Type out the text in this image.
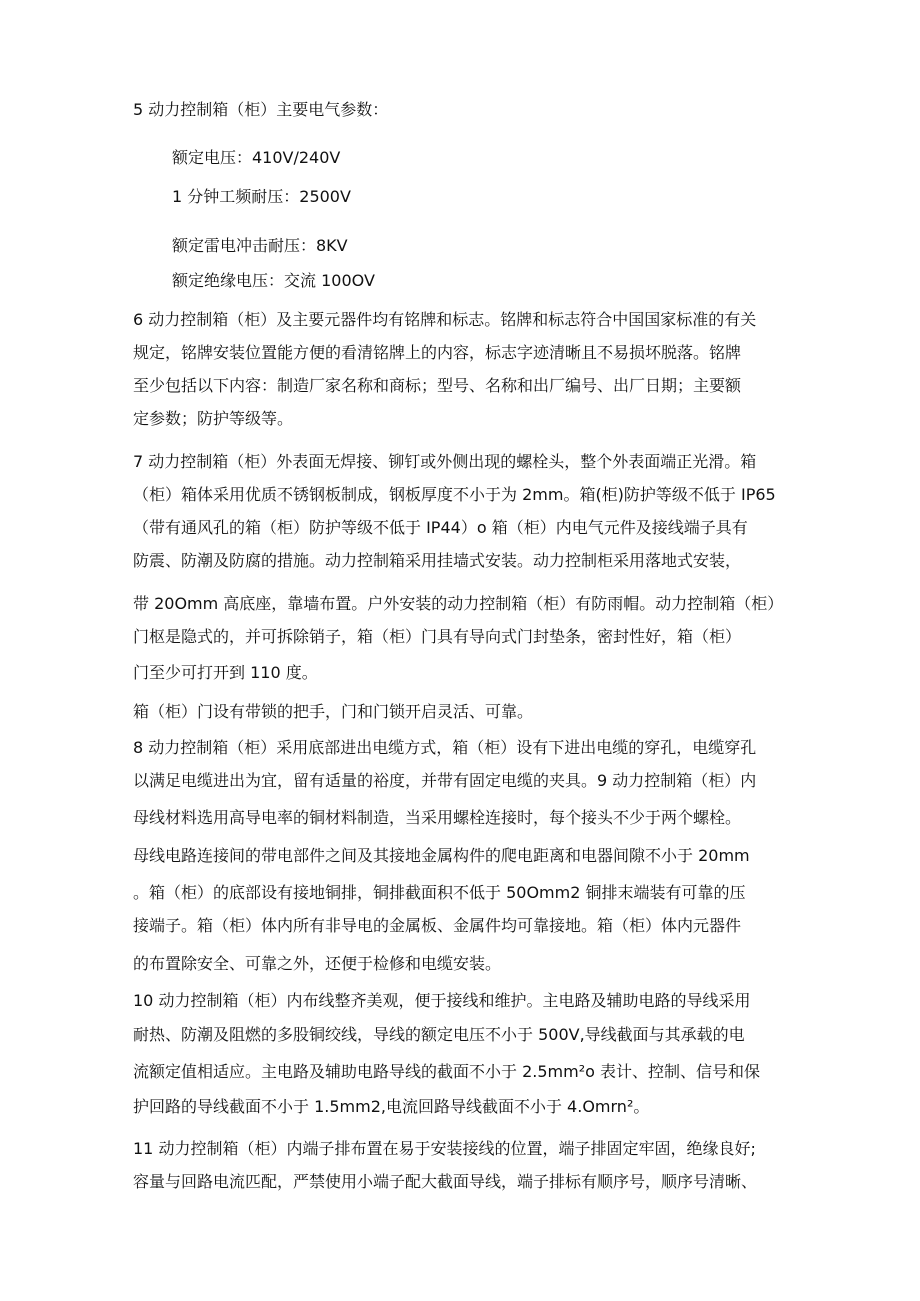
5 动力控制箱（柜）主要电气参数：
额定电压：410V/240V
1 分钟工频耐压：2500V
额定雷电冲击耐压：8KV
额定绝缘电压：交流 100OV
6 动力控制箱（柜）及主要元器件均有铭牌和标志。铭牌和标志符合中国国家标准的有关
规定，铭牌安装位置能方便的看清铭牌上的内容，标志字迹清晰且不易损坏脱落。铭牌
至少包括以下内容：制造厂家名称和商标；型号、名称和出厂编号、出厂日期；主要额
定参数；防护等级等。
7 动力控制箱（柜）外表面无焊接、铆钉或外侧出现的螺栓头，整个外表面端正光滑。箱
（柜）箱体采用优质不锈钢板制成，钢板厚度不小于为 2mm。箱(柜)防护等级不低于 IP65
（带有通风孔的箱（柜）防护等级不低于 IP44）o 箱（柜）内电气元件及接线端子具有
防震、防潮及防腐的措施。动力控制箱采用挂墙式安装。动力控制柜采用落地式安装，
带 20Omm 高底座，靠墙布置。户外安装的动力控制箱（柜）有防雨帽。动力控制箱（柜）
门枢是隐式的，并可拆除销子，箱（柜）门具有导向式门封垫条，密封性好，箱（柜）
门至少可打开到 110 度。
箱（柜）门设有带锁的把手，门和门锁开启灵活、可靠。
8 动力控制箱（柜）采用底部进出电缆方式，箱（柜）设有下进出电缆的穿孔，电缆穿孔
以满足电缆进出为宜，留有适量的裕度，并带有固定电缆的夹具。9 动力控制箱（柜）内
母线材料选用高导电率的铜材料制造，当采用螺栓连接时，每个接头不少于两个螺栓。
母线电路连接间的带电部件之间及其接地金属构件的爬电距离和电器间隙不小于 20mm
。箱（柜）的底部设有接地铜排，铜排截面积不低于 50Omm2 铜排末端装有可靠的压
接端子。箱（柜）体内所有非导电的金属板、金属件均可靠接地。箱（柜）体内元器件
的布置除安全、可靠之外，还便于检修和电缆安装。
10 动力控制箱（柜）内布线整齐美观，便于接线和维护。主电路及辅助电路的导线采用
耐热、防潮及阻燃的多股铜绞线，导线的额定电压不小于 500V,导线截面与其承载的电
流额定值相适应。主电路及辅助电路导线的截面不小于 2.5mm²o 表计、控制、信号和保
护回路的导线截面不小于 1.5mm2,电流回路导线截面不小于 4.Omrn²。
11 动力控制箱（柜）内端子排布置在易于安装接线的位置，端子排固定牢固，绝缘良好;
容量与回路电流匹配，严禁使用小端子配大截面导线，端子排标有顺序号，顺序号清晰、
